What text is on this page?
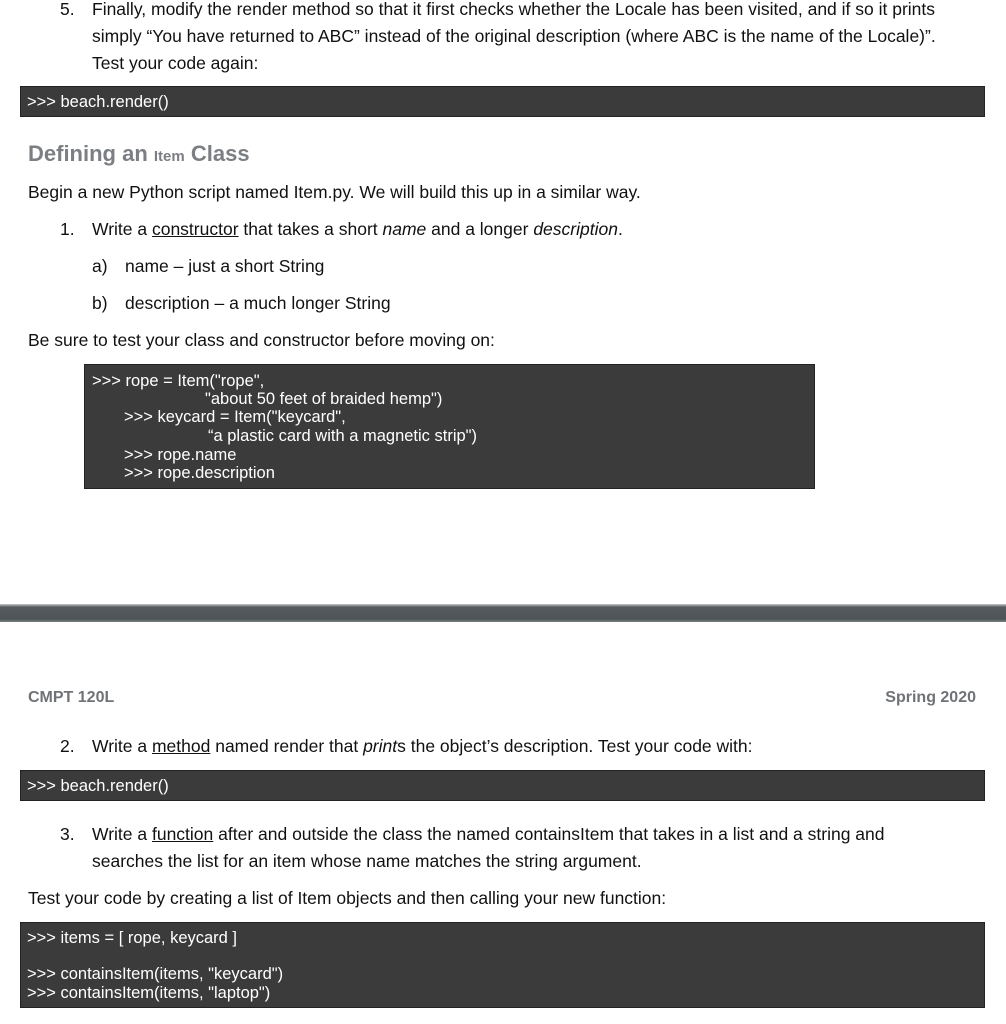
5. Finally, modify the render method so that it first checks whether the Locale has been visited, and if so it prints
simply “You have returned to ABC” instead of the original description (where ABC is the name of the Locale)”.
Test your code again:
>>> beach.render()
Defining an Item Class
Begin a new Python script named Item.py. We will build this up in a similar way.
1. Write a constructor that takes a short name and a longer description.
a) name – just a short String
b) description – a much longer String
Be sure to test your class and constructor before moving on:
>>> rope = Item("rope",
"about 50 feet of braided hemp")
>>> keycard = Item("keycard",
“a plastic card with a magnetic strip")
>>> rope.name
>>> rope.description
CMPT 120L	Spring 2020
2. Write a method named render that prints the object’s description. Test your code with:
>>> beach.render()
3. Write a function after and outside the class the named containsItem that takes in a list and a string and
searches the list for an item whose name matches the string argument.
Test your code by creating a list of Item objects and then calling your new function:
>>> items = [ rope, keycard ]
>>> containsItem(items, "keycard")
>>> containsItem(items, "laptop")
